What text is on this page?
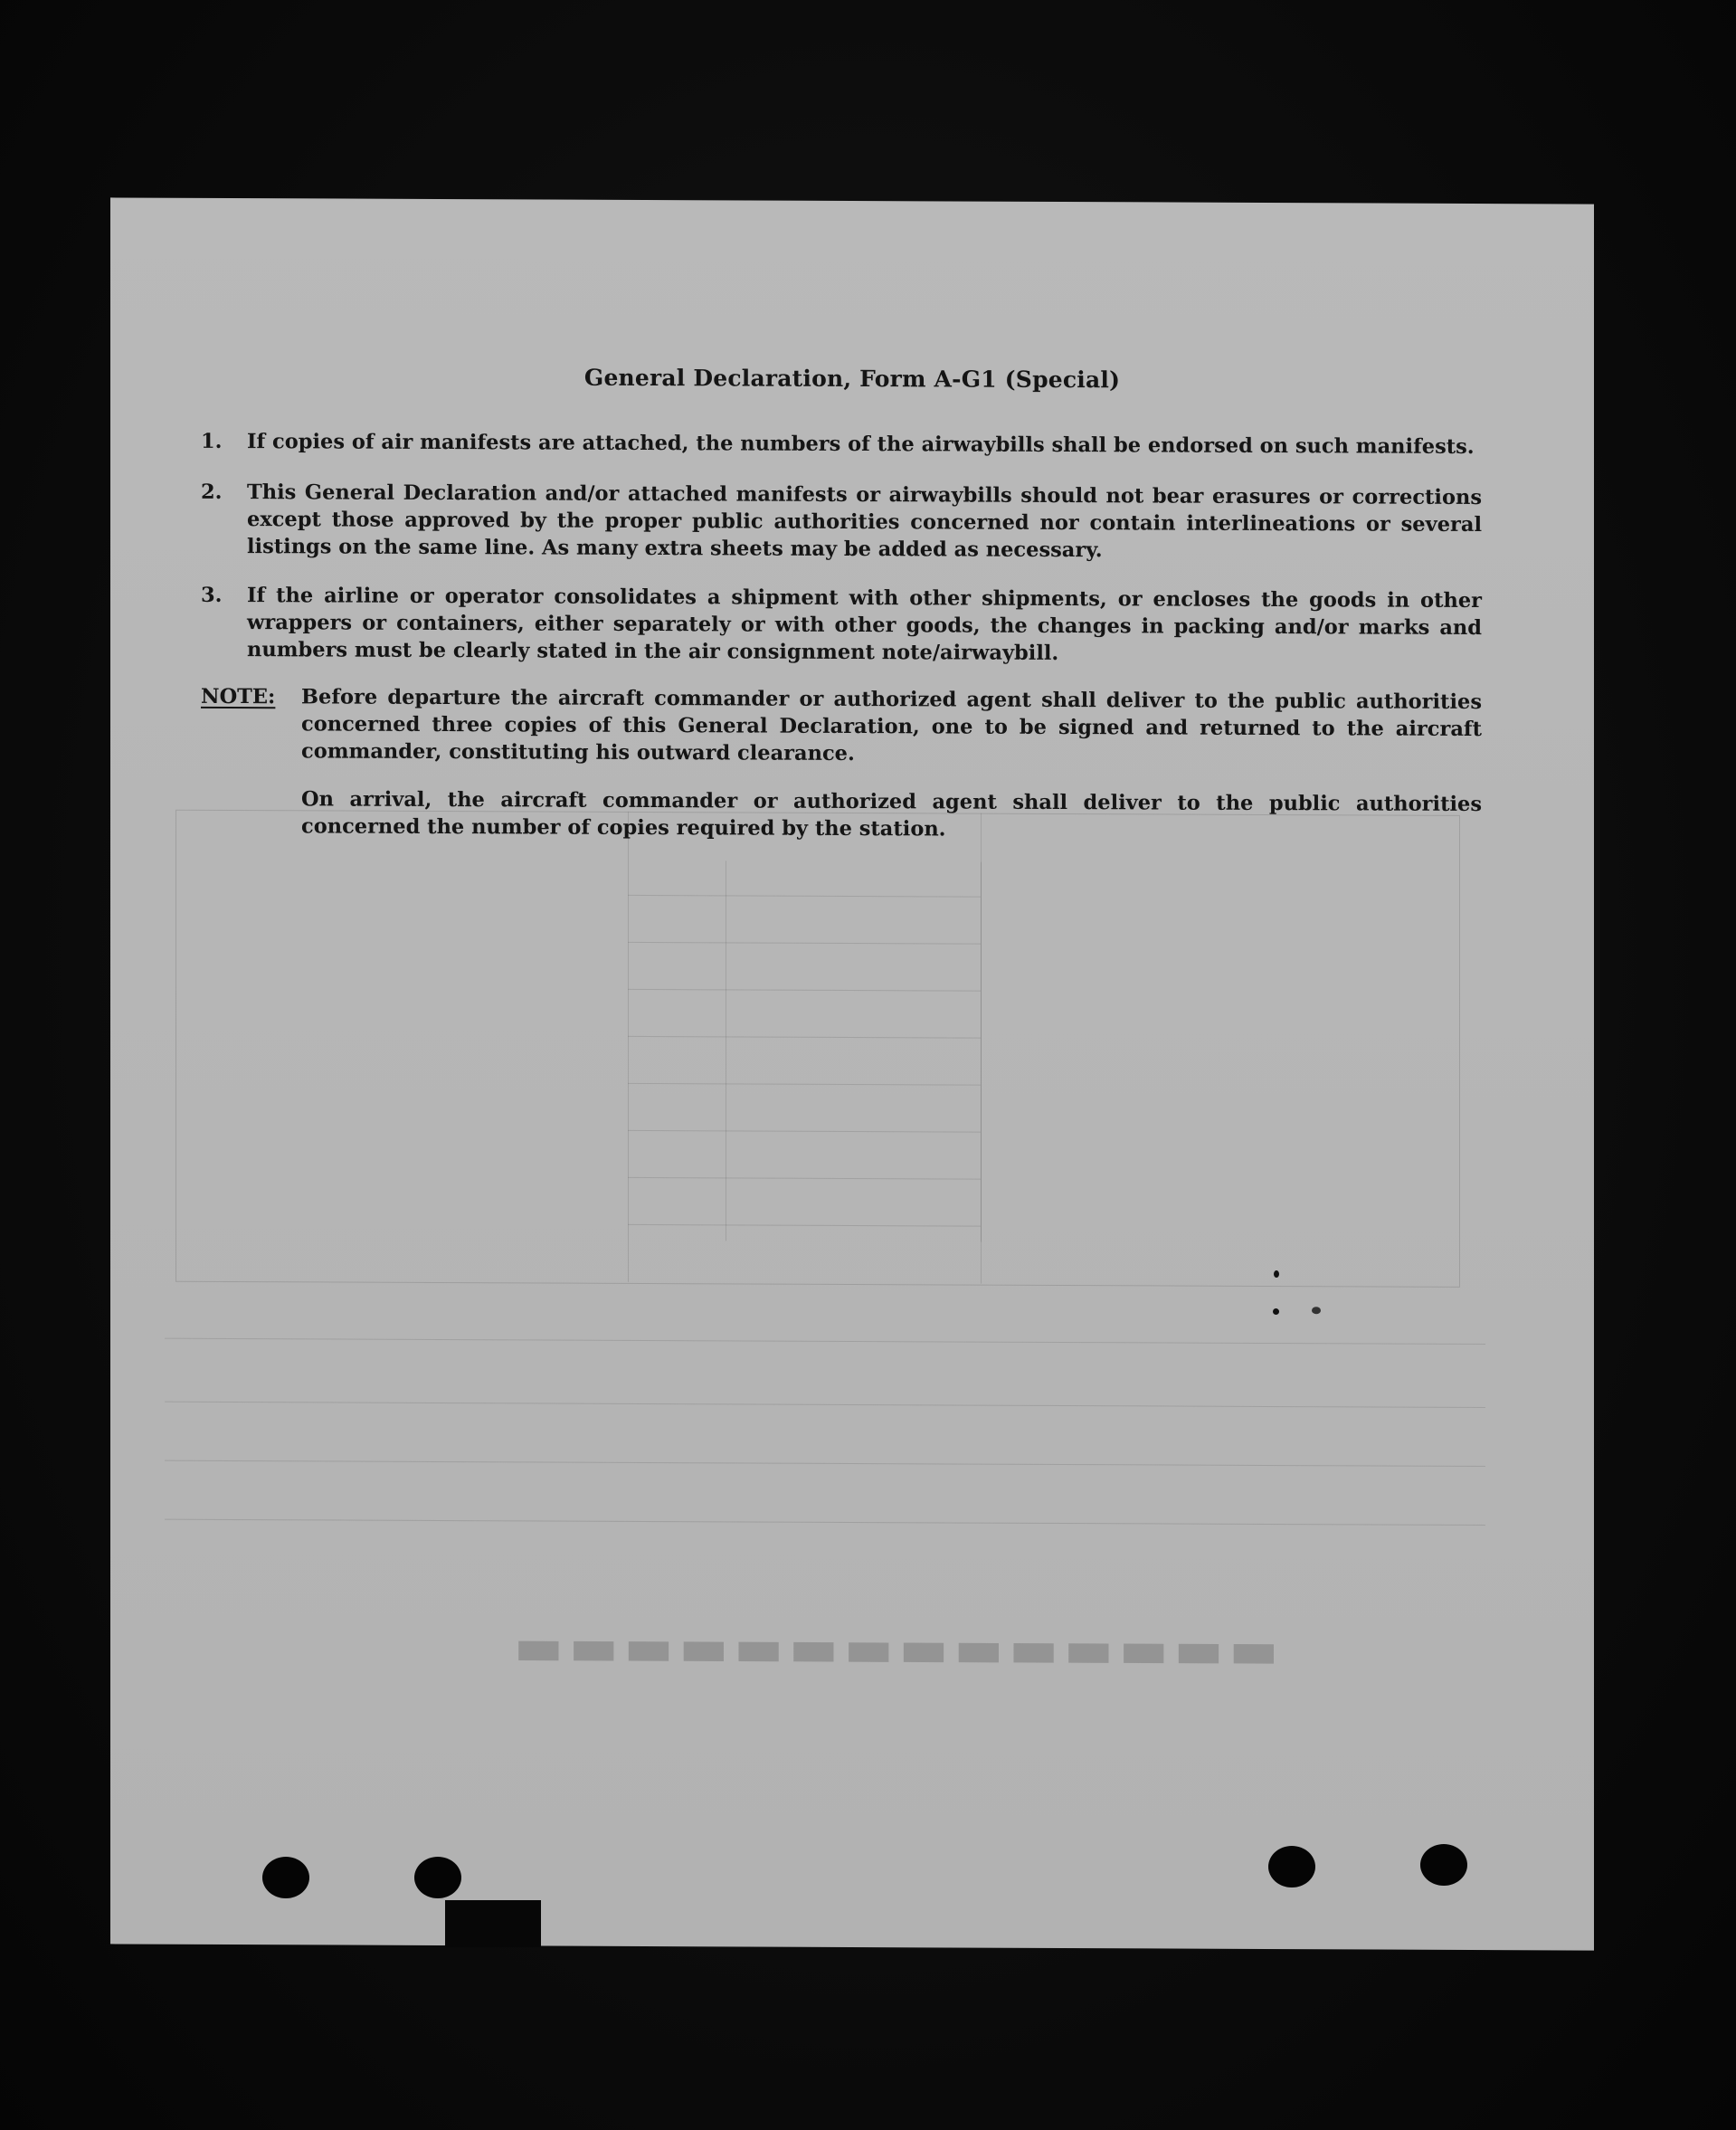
▬▬▬▬▬▬▬▬▬▬▬▬▬▬
General Declaration, Form A-G1 (Special)
1.	If copies of air manifests are attached, the numbers of the airwaybills shall be endorsed on such manifests.
2.	This General Declaration and/or attached manifests or airwaybills should not bear erasures or corrections except those approved by the proper public authorities concerned nor contain interlineations or several listings on the same line. As many extra sheets may be added as necessary.
3.	If the airline or operator consolidates a shipment with other shipments, or encloses the goods in other wrappers or containers, either separately or with other goods, the changes in packing and/or marks and numbers must be clearly stated in the air consignment note/airwaybill.
NOTE: Before departure the aircraft commander or authorized agent shall deliver to the public authorities concerned three copies of this General Declaration, one to be signed and returned to the aircraft commander, constituting his outward clearance.
On arrival, the aircraft commander or authorized agent shall deliver to the public authorities concerned the number of copies required by the station.
